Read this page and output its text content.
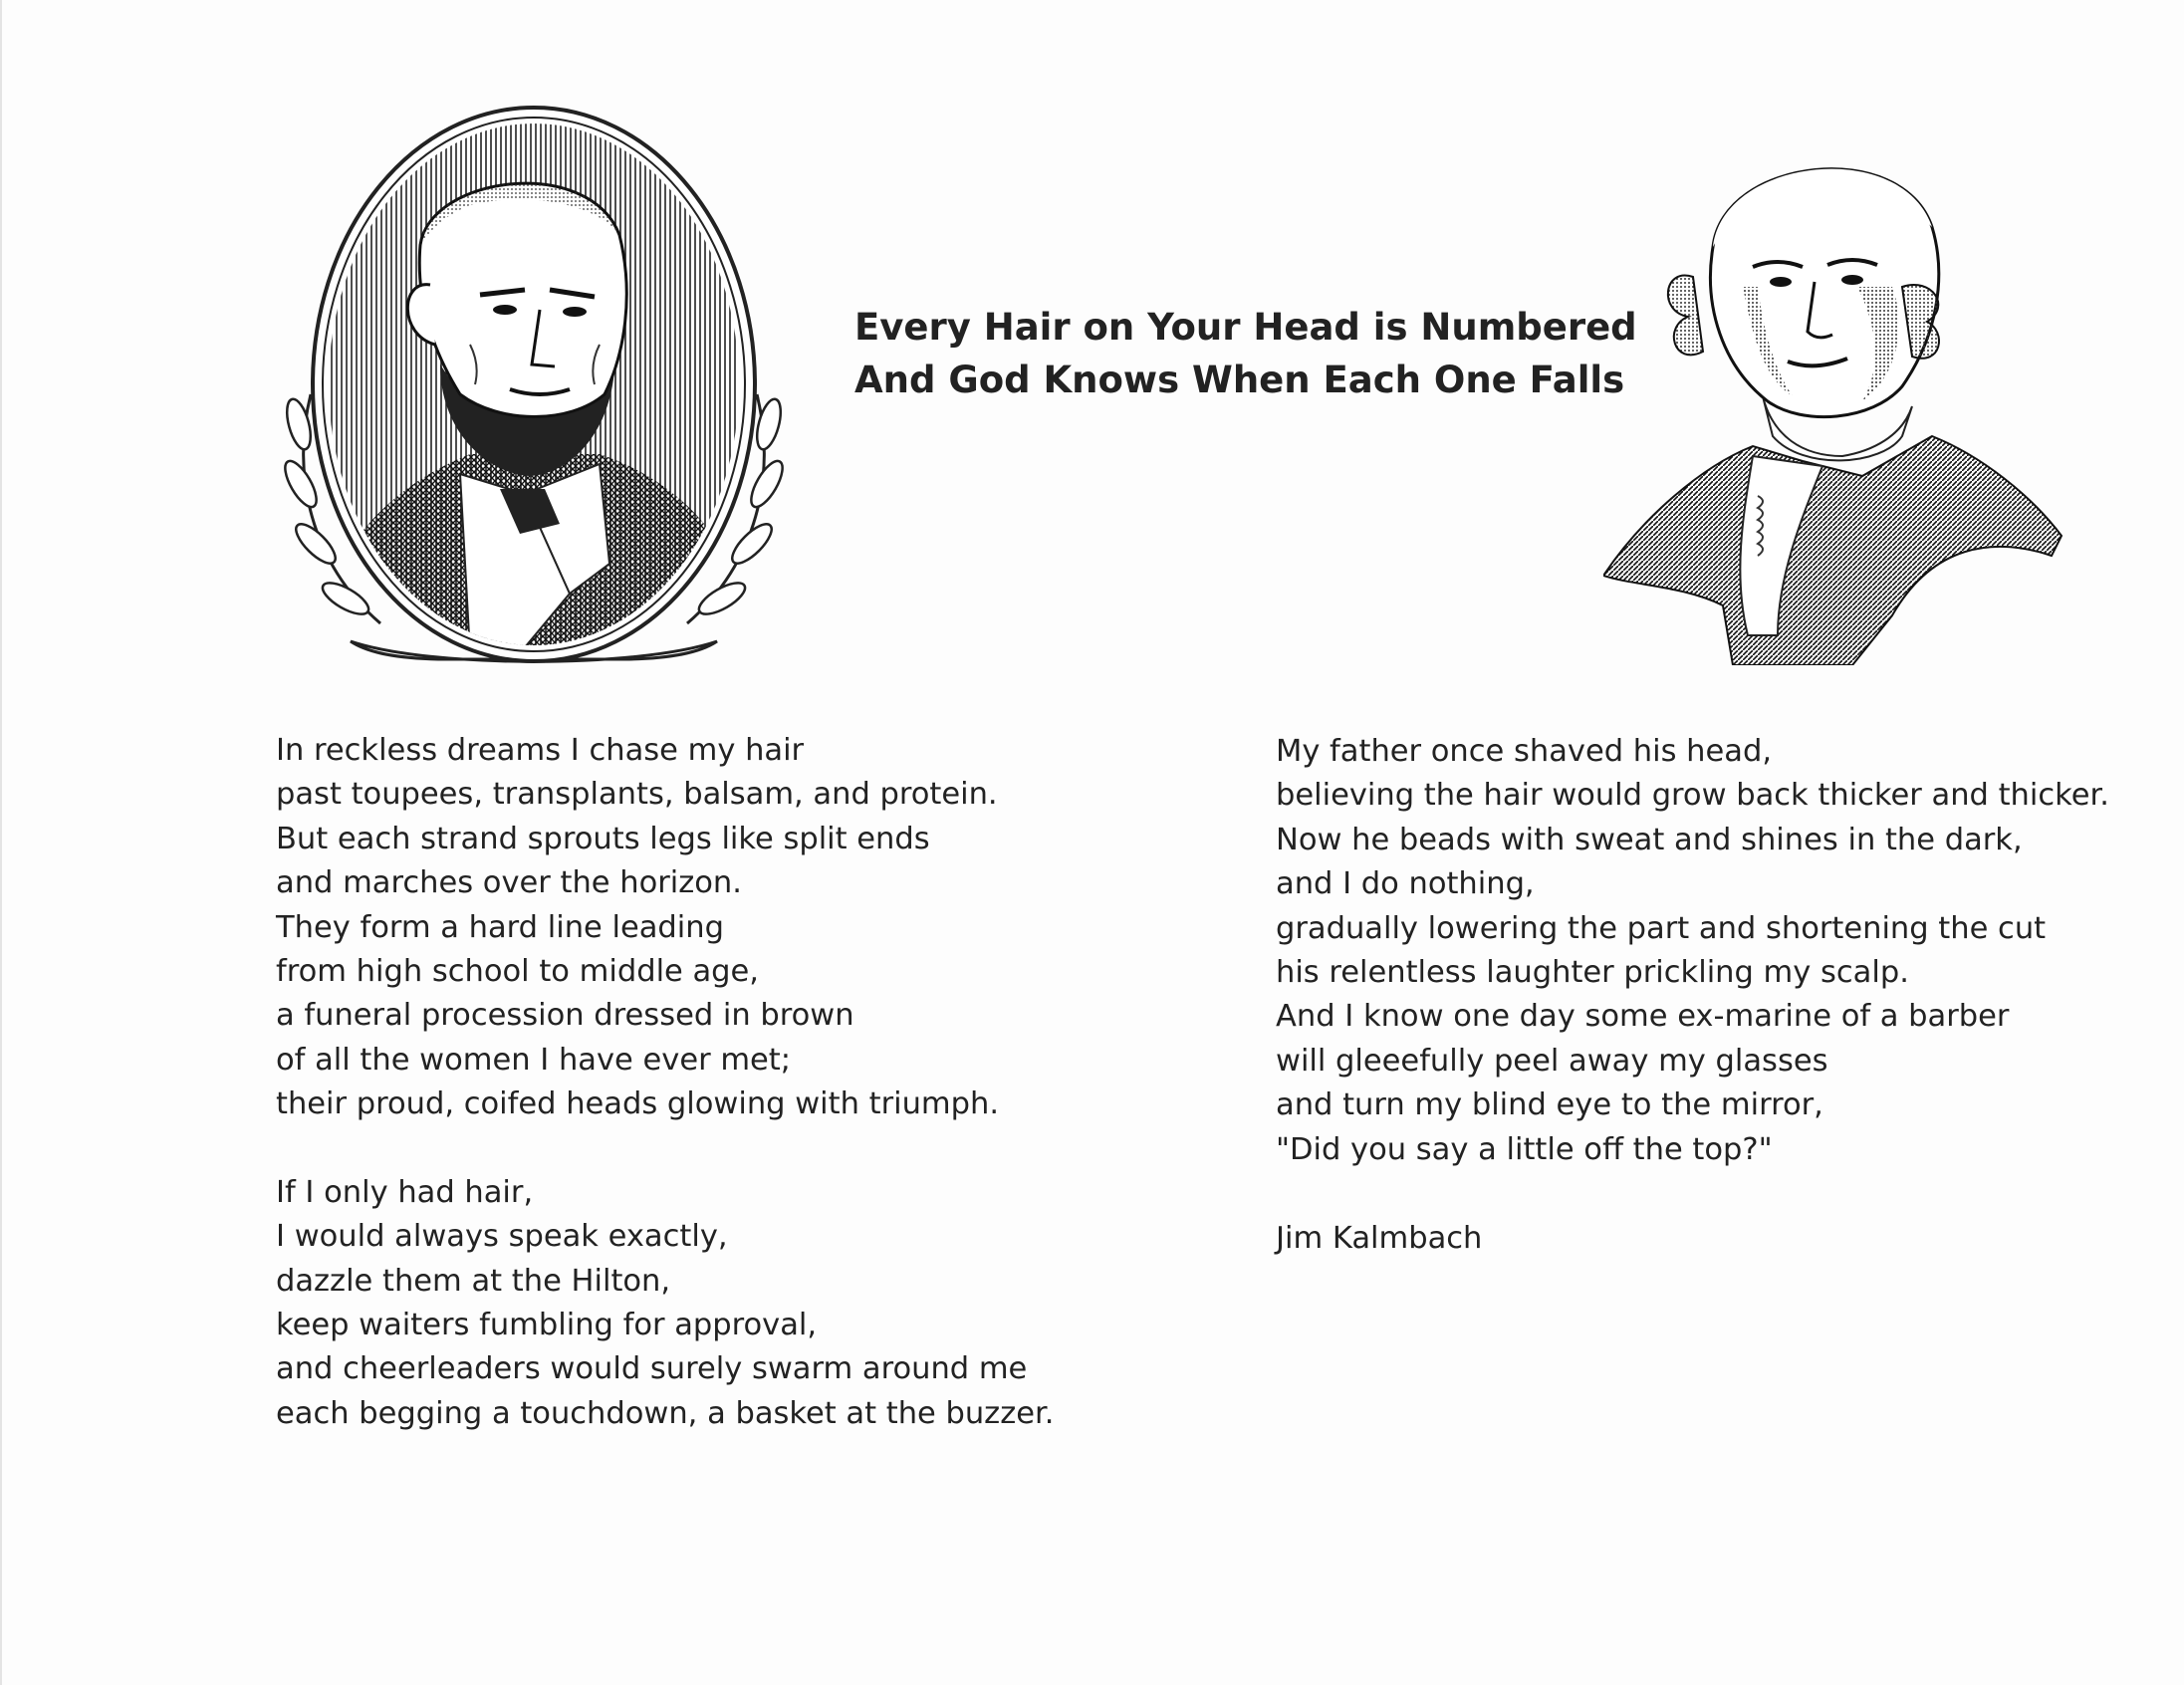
Every Hair on Your Head is Numbered
And God Knows When Each One Falls
In reckless dreams I chase my hair
past toupees, transplants, balsam, and protein.
But each strand sprouts legs like split ends
and marches over the horizon.
They form a hard line leading
from high school to middle age,
a funeral procession dressed in brown
of all the women I have ever met;
their proud, coifed heads glowing with triumph.
If I only had hair,
I would always speak exactly,
dazzle them at the Hilton,
keep waiters fumbling for approval,
and cheerleaders would surely swarm around me
each begging a touchdown, a basket at the buzzer.
My father once shaved his head,
believing the hair would grow back thicker and thicker.
Now he beads with sweat and shines in the dark,
and I do nothing,
gradually lowering the part and shortening the cut
his relentless laughter prickling my scalp.
And I know one day some ex-marine of a barber
will gleeefully peel away my glasses
and turn my blind eye to the mirror,
"Did you say a little off the top?"
Jim Kalmbach
